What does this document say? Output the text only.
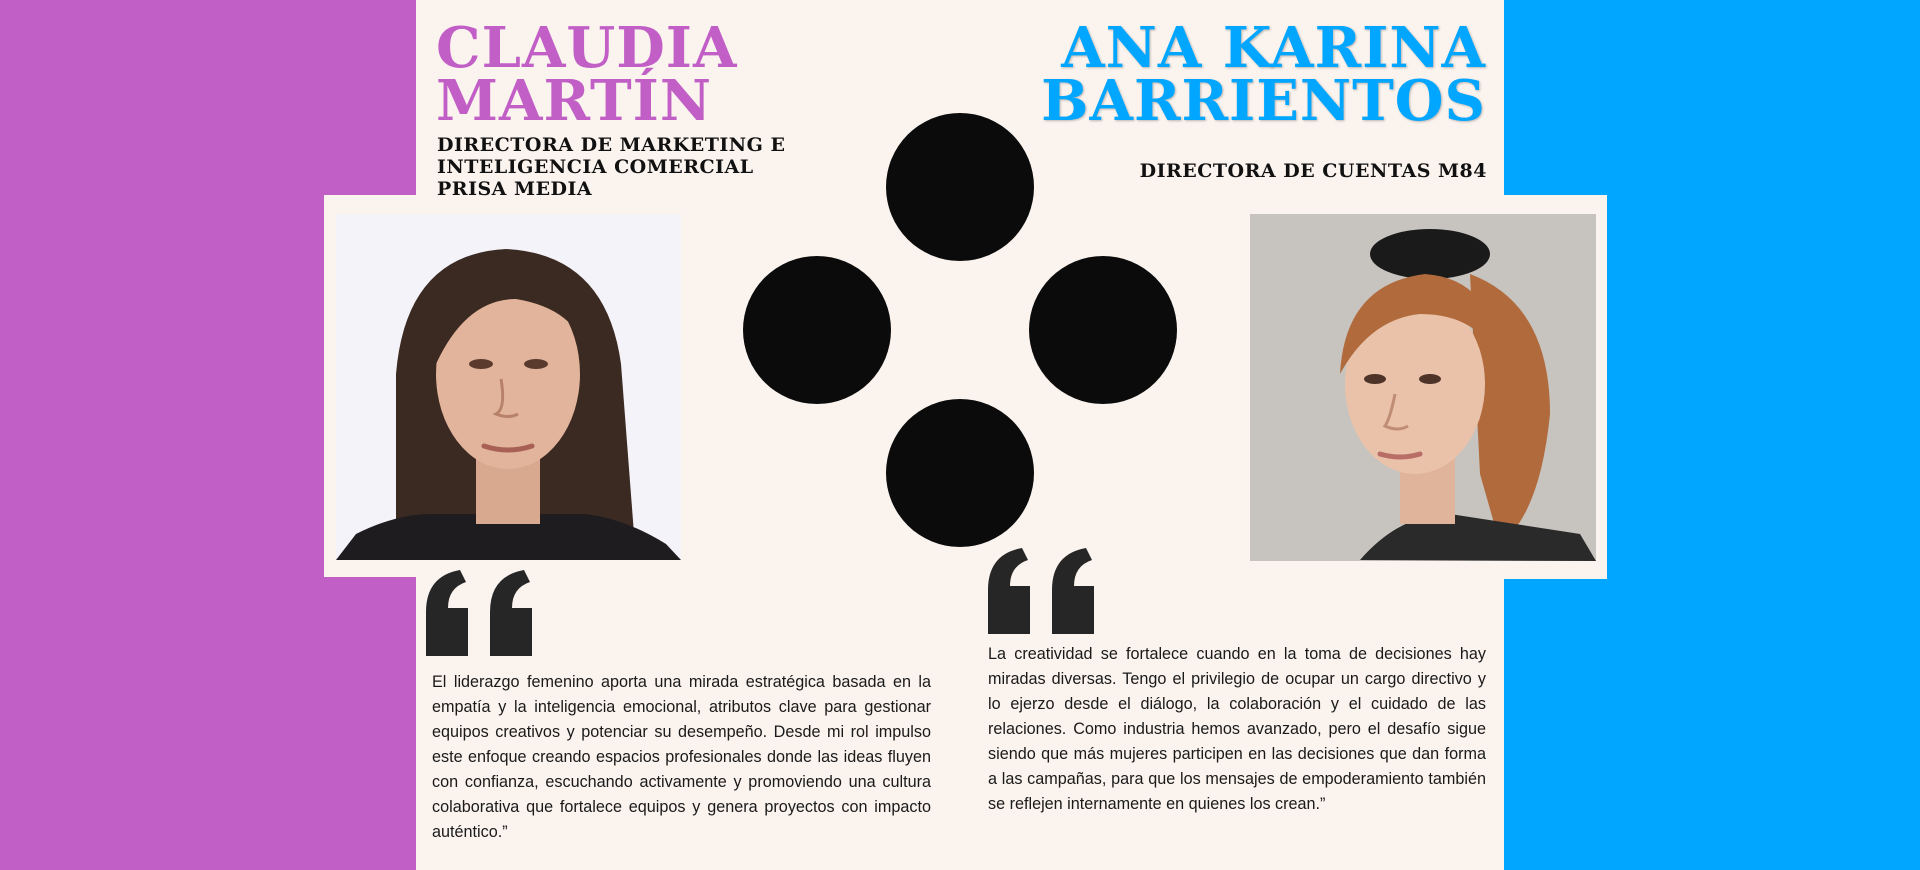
CLAUDIA
MARTÍN
DIRECTORA DE MARKETING E
INTELIGENCIA COMERCIAL
PRISA MEDIA
ANA KARINA
BARRIENTOS
DIRECTORA DE CUENTAS M84

El liderazgo femenino aporta una mirada estratégica basada en la empatía y la inteligencia emocional, atributos clave para gestionar equipos creativos y potenciar su desempeño. Desde mi rol impulso este enfoque creando espacios profesionales donde las ideas fluyen con confianza, escuchando activamente y promoviendo una cultura colaborativa que fortalece equipos y genera proyectos con impacto auténtico.”

La creatividad se fortalece cuando en la toma de decisiones hay miradas diversas. Tengo el privilegio de ocupar un cargo directivo y lo ejerzo desde el diálogo, la colaboración y el cuidado de las relaciones. Como industria hemos avanzado, pero el desafío sigue siendo que más mujeres participen en las decisiones que dan forma a las campañas, para que los mensajes de empoderamiento también se reflejen internamente en quienes los crean.”
